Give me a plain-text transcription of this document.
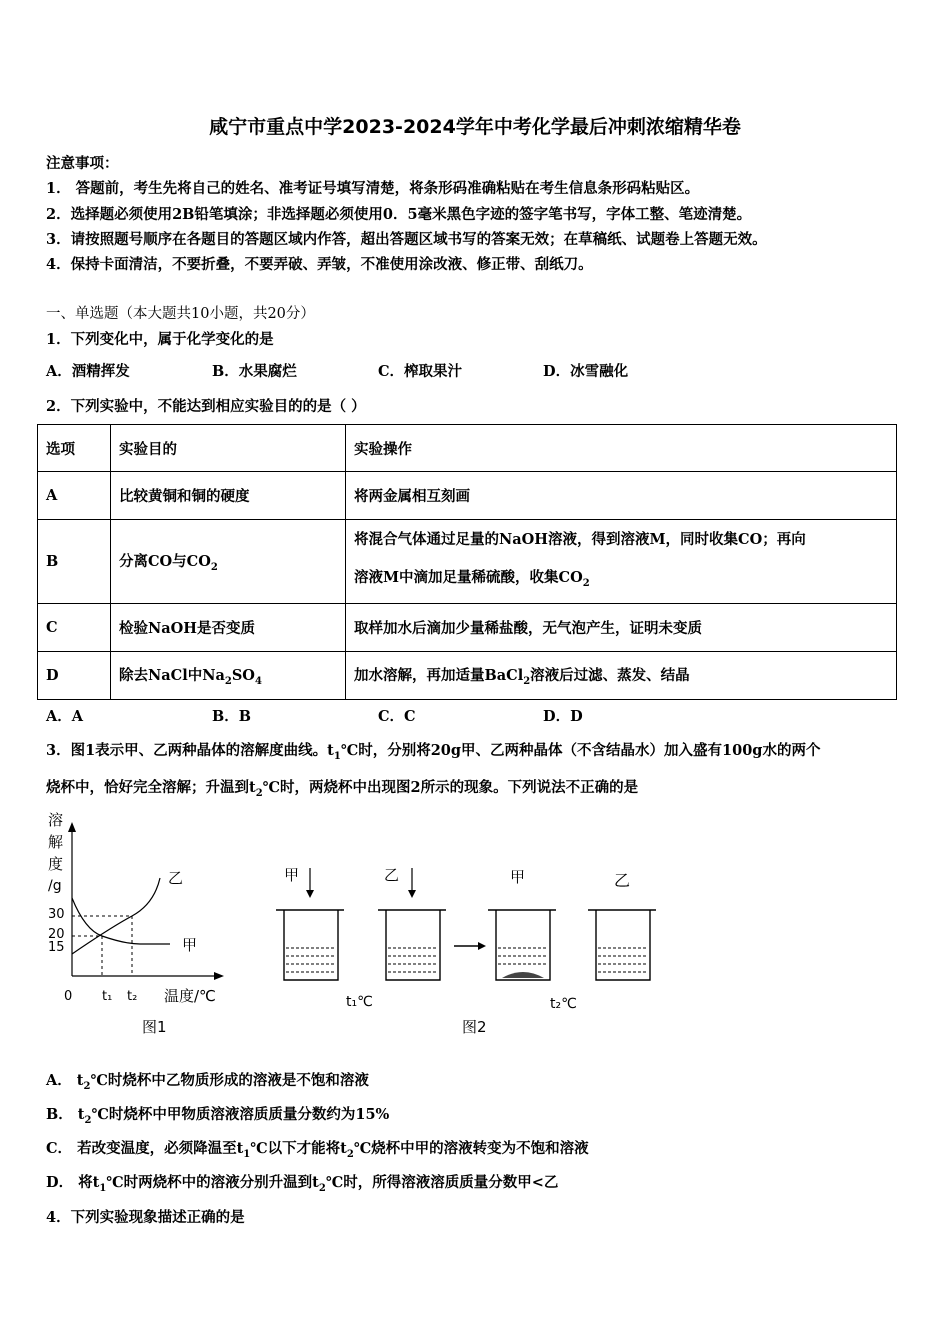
咸宁市重点中学2023-2024学年中考化学最后冲刺浓缩精华卷
注意事项：
1． 答题前，考生先将自己的姓名、准考证号填写清楚，将条形码准确粘贴在考生信息条形码粘贴区。
2．选择题必须使用2B铅笔填涂；非选择题必须使用0．5毫米黑色字迹的签字笔书写，字体工整、笔迹清楚。
3．请按照题号顺序在各题目的答题区域内作答，超出答题区域书写的答案无效；在草稿纸、试题卷上答题无效。
4．保持卡面清洁，不要折叠，不要弄破、弄皱，不准使用涂改液、修正带、刮纸刀。
一、单选题（本大题共10小题，共20分）
1．下列变化中，属于化学变化的是
A．酒精挥发	B．水果腐烂	C．榨取果汁	D．冰雪融化
2．下列实验中，不能达到相应实验目的的是（ ）
选项	实验目的	实验操作
A	比较黄铜和铜的硬度	将两金属相互刻画
B	分离CO与$CO_2$	将混合气体通过足量的NaOH溶液，得到溶液M，同时收集CO；再向
溶液M中滴加足量稀硫酸，收集$CO_2$

C	检验NaOH是否变质	取样加水后滴加少量稀盐酸，无气泡产生，证明未变质
D	除去NaCl中$Na_2SO_4$	加水溶解，再加适量BaCl$_2$溶液后过滤、蒸发、结晶
A．A	B．B	C．C	D．D
3．图1表示甲、乙两种晶体的溶解度曲线。$t_1℃$时，分别将20g甲、乙两种晶体（不含结晶水）加入盛有100g水的两个
烧杯中，恰好完全溶解；升温到$t_2℃$时，两烧杯中出现图2所示的现象。下列说法不正确的是
溶
解
度
/g
30
20
15
0 t₁ t₂ 温度/℃
乙
甲
图1
甲	乙
t₁℃
甲	乙
t₂℃
图2
A． $t_2℃$时烧杯中乙物质形成的溶液是不饱和溶液
B． $t_2℃$时烧杯中甲物质溶液溶质质量分数约为15%
C． 若改变温度，必须降温至$t_1℃$以下才能将$t_2℃$烧杯中甲的溶液转变为不饱和溶液
D． 将$t_1℃$时两烧杯中的溶液分别升温到$t_2℃$时，所得溶液溶质质量分数甲<乙
4．下列实验现象描述正确的是
